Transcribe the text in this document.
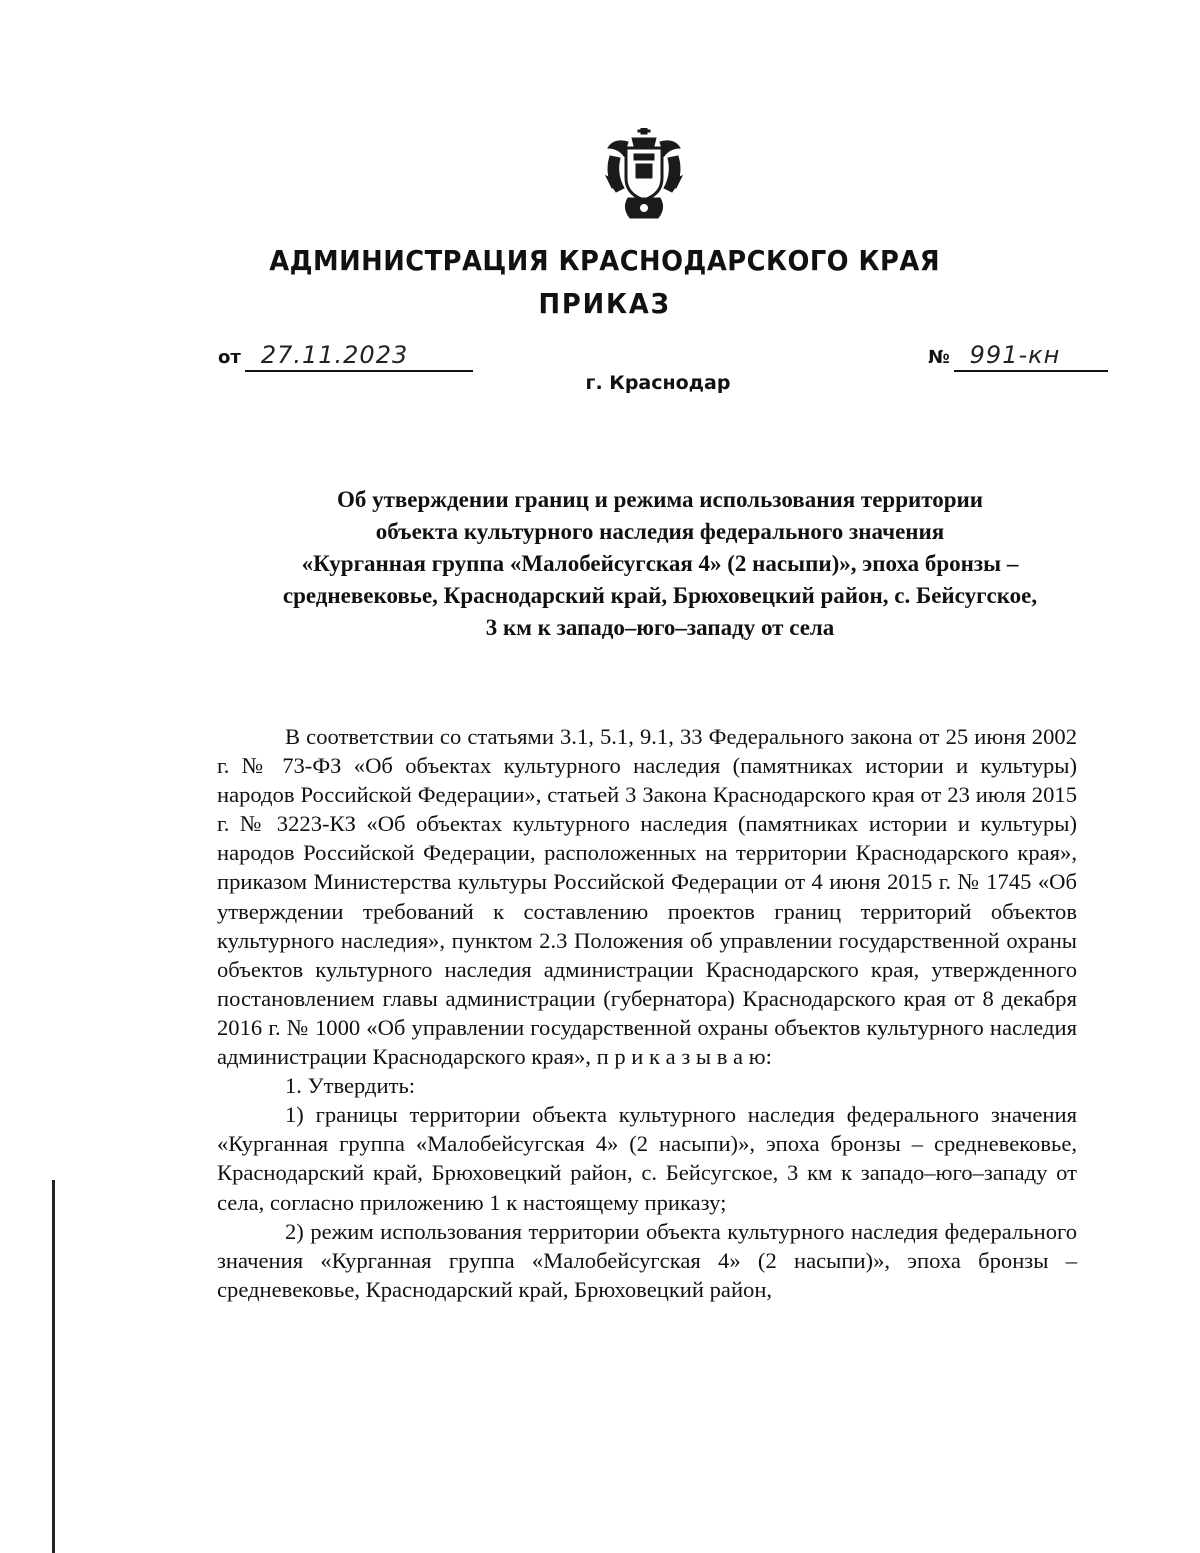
АДМИНИСТРАЦИЯ КРАСНОДАРСКОГО КРАЯ
ПРИКАЗ
от 27.11.2023	№ 991-кн
г. Краснодар
Об утверждении границ и режима использования территории
объекта культурного наследия федерального значения
«Курганная группа «Малобейсугская 4» (2 насыпи)», эпоха бронзы –
средневековье, Краснодарский край, Брюховецкий район, с. Бейсугское,
3 км к западо–юго–западу от села

В соответствии со статьями 3.1, 5.1, 9.1, 33 Федерального закона от 25 июня 2002 г. № 73-ФЗ «Об объектах культурного наследия (памятниках истории и культуры) народов Российской Федерации», статьей 3 Закона Краснодарского края от 23 июля 2015 г. № 3223-КЗ «Об объектах культурного наследия (памятниках истории и культуры) народов Российской Федерации, расположенных на территории Краснодарского края», приказом Министерства культуры Российской Федерации от 4 июня 2015 г. № 1745 «Об утверждении требований к составлению проектов границ территорий объектов культурного наследия», пунктом 2.3 Положения об управлении государственной охраны объектов культурного наследия администрации Краснодарского края, утвержденного постановлением главы администрации (губернатора) Краснодарского края от 8 декабря 2016 г. № 1000 «Об управлении государственной охраны объектов культурного наследия администрации Краснодарского края», п р и к а з ы в а ю:

1. Утвердить:

1) границы территории объекта культурного наследия федерального значения «Курганная группа «Малобейсугская 4» (2 насыпи)», эпоха бронзы – средневековье, Краснодарский край, Брюховецкий район, с. Бейсугское, 3 км к западо–юго–западу от села, согласно приложению 1 к настоящему приказу;

2) режим использования территории объекта культурного наследия федерального значения «Курганная группа «Малобейсугская 4» (2 насыпи)», эпоха бронзы – средневековье, Краснодарский край, Брюховецкий район,
